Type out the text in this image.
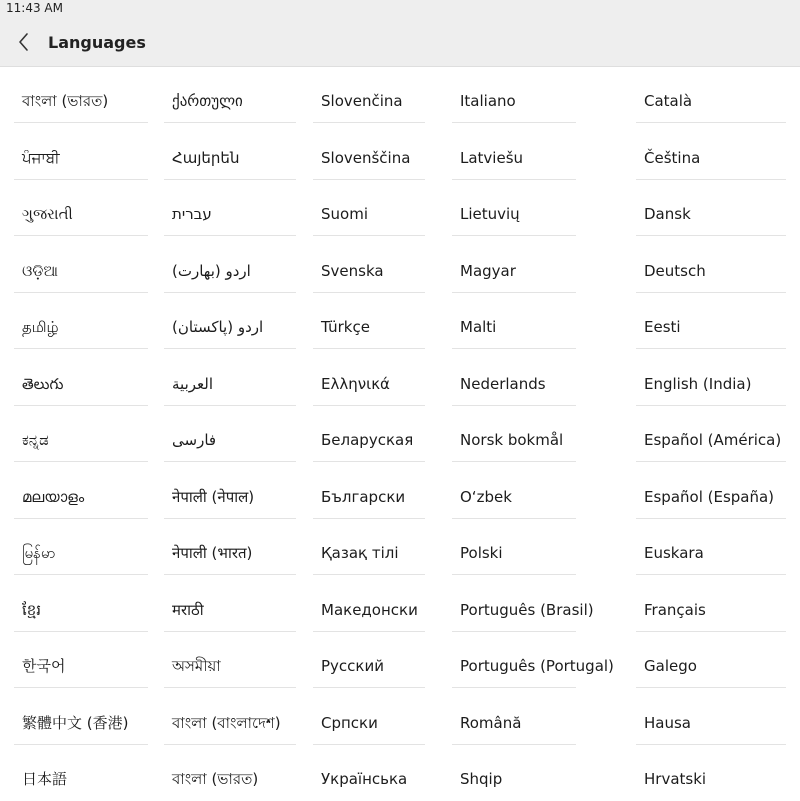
11:43 AM
Languages
বাংলা (ভারত)
ਪੰਜਾਬੀ
ગુજરાતી
ଓଡ଼ିଆ
தமிழ்
తెలుగు
ಕನ್ನಡ
മലയാളം
မြန်မာ
ខ្មែរ
한국어
繁體中文 (香港)
日本語
ქართული
Հայերեն
עברית
اردو (بھارت)
اردو (پاکستان)
العربية
فارسی
नेपाली (नेपाल)
नेपाली (भारत)
मराठी
অসমীয়া
বাংলা (বাংলাদেশ)
বাংলা (ভারত)
Slovenčina
Slovenščina
Suomi
Svenska
Türkçe
Ελληνικά
Беларуская
Български
Қазақ тілі
Македонски
Русский
Српски
Українська
Italiano
Latviešu
Lietuvių
Magyar
Malti
Nederlands
Norsk bokmål
O‘zbek
Polski
Português (Brasil)
Português (Portugal)
Română
Shqip
Català
Čeština
Dansk
Deutsch
Eesti
English (India)
Español (América)
Español (España)
Euskara
Français
Galego
Hausa
Hrvatski
